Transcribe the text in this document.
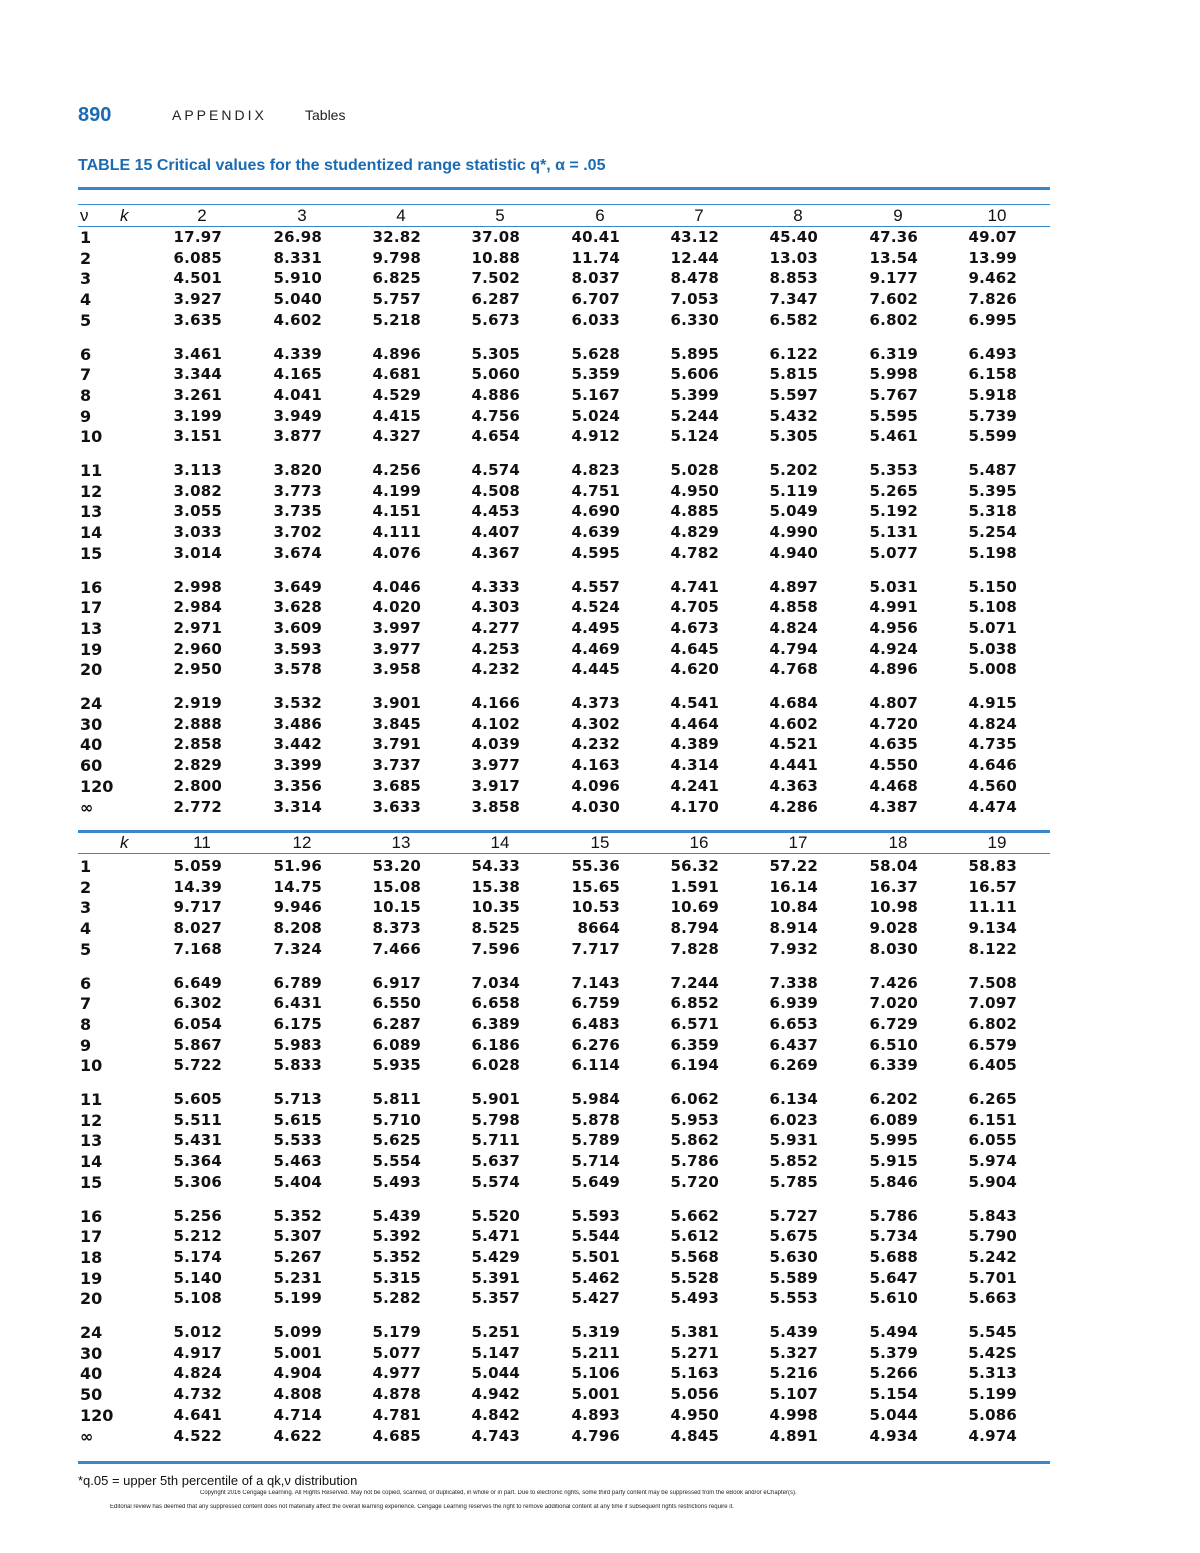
890	APPENDIX	Tables
TABLE 15 Critical values for the studentized range statistic q*, α = .05
ν k	2	3	4	5	6	7	8	9	10
1	17.97	26.98	32.82	37.08	40.41	43.12	45.40	47.36	49.07
2	6.085	8.331	9.798	10.88	11.74	12.44	13.03	13.54	13.99
3	4.501	5.910	6.825	7.502	8.037	8.478	8.853	9.177	9.462
4	3.927	5.040	5.757	6.287	6.707	7.053	7.347	7.602	7.826
5	3.635	4.602	5.218	5.673	6.033	6.330	6.582	6.802	6.995
6	3.461	4.339	4.896	5.305	5.628	5.895	6.122	6.319	6.493
7	3.344	4.165	4.681	5.060	5.359	5.606	5.815	5.998	6.158
8	3.261	4.041	4.529	4.886	5.167	5.399	5.597	5.767	5.918
9	3.199	3.949	4.415	4.756	5.024	5.244	5.432	5.595	5.739
10	3.151	3.877	4.327	4.654	4.912	5.124	5.305	5.461	5.599
11	3.113	3.820	4.256	4.574	4.823	5.028	5.202	5.353	5.487
12	3.082	3.773	4.199	4.508	4.751	4.950	5.119	5.265	5.395
13	3.055	3.735	4.151	4.453	4.690	4.885	5.049	5.192	5.318
14	3.033	3.702	4.111	4.407	4.639	4.829	4.990	5.131	5.254
15	3.014	3.674	4.076	4.367	4.595	4.782	4.940	5.077	5.198
16	2.998	3.649	4.046	4.333	4.557	4.741	4.897	5.031	5.150
17	2.984	3.628	4.020	4.303	4.524	4.705	4.858	4.991	5.108
13	2.971	3.609	3.997	4.277	4.495	4.673	4.824	4.956	5.071
19	2.960	3.593	3.977	4.253	4.469	4.645	4.794	4.924	5.038
20	2.950	3.578	3.958	4.232	4.445	4.620	4.768	4.896	5.008
24	2.919	3.532	3.901	4.166	4.373	4.541	4.684	4.807	4.915
30	2.888	3.486	3.845	4.102	4.302	4.464	4.602	4.720	4.824
40	2.858	3.442	3.791	4.039	4.232	4.389	4.521	4.635	4.735
60	2.829	3.399	3.737	3.977	4.163	4.314	4.441	4.550	4.646
120	2.800	3.356	3.685	3.917	4.096	4.241	4.363	4.468	4.560
∞	2.772	3.314	3.633	3.858	4.030	4.170	4.286	4.387	4.474
k	11	12	13	14	15	16	17	18	19
1	5.059	51.96	53.20	54.33	55.36	56.32	57.22	58.04	58.83
2	14.39	14.75	15.08	15.38	15.65	1.591	16.14	16.37	16.57
3	9.717	9.946	10.15	10.35	10.53	10.69	10.84	10.98	11.11
4	8.027	8.208	8.373	8.525	8664	8.794	8.914	9.028	9.134
5	7.168	7.324	7.466	7.596	7.717	7.828	7.932	8.030	8.122
6	6.649	6.789	6.917	7.034	7.143	7.244	7.338	7.426	7.508
7	6.302	6.431	6.550	6.658	6.759	6.852	6.939	7.020	7.097
8	6.054	6.175	6.287	6.389	6.483	6.571	6.653	6.729	6.802
9	5.867	5.983	6.089	6.186	6.276	6.359	6.437	6.510	6.579
10	5.722	5.833	5.935	6.028	6.114	6.194	6.269	6.339	6.405
11	5.605	5.713	5.811	5.901	5.984	6.062	6.134	6.202	6.265
12	5.511	5.615	5.710	5.798	5.878	5.953	6.023	6.089	6.151
13	5.431	5.533	5.625	5.711	5.789	5.862	5.931	5.995	6.055
14	5.364	5.463	5.554	5.637	5.714	5.786	5.852	5.915	5.974
15	5.306	5.404	5.493	5.574	5.649	5.720	5.785	5.846	5.904
16	5.256	5.352	5.439	5.520	5.593	5.662	5.727	5.786	5.843
17	5.212	5.307	5.392	5.471	5.544	5.612	5.675	5.734	5.790
18	5.174	5.267	5.352	5.429	5.501	5.568	5.630	5.688	5.242
19	5.140	5.231	5.315	5.391	5.462	5.528	5.589	5.647	5.701
20	5.108	5.199	5.282	5.357	5.427	5.493	5.553	5.610	5.663
24	5.012	5.099	5.179	5.251	5.319	5.381	5.439	5.494	5.545
30	4.917	5.001	5.077	5.147	5.211	5.271	5.327	5.379	5.42S
40	4.824	4.904	4.977	5.044	5.106	5.163	5.216	5.266	5.313
50	4.732	4.808	4.878	4.942	5.001	5.056	5.107	5.154	5.199
120	4.641	4.714	4.781	4.842	4.893	4.950	4.998	5.044	5.086
∞	4.522	4.622	4.685	4.743	4.796	4.845	4.891	4.934	4.974
*q.05 = upper 5th percentile of a qk,ν distribution
Copyright 2016 Cengage Learning. All Rights Reserved. May not be copied, scanned, or duplicated, in whole or in part. Due to electronic rights, some third party content may be suppressed from the eBook and/or eChapter(s).
Editorial review has deemed that any suppressed content does not materially affect the overall learning experience. Cengage Learning reserves the right to remove additional content at any time if subsequent rights restrictions require it.
